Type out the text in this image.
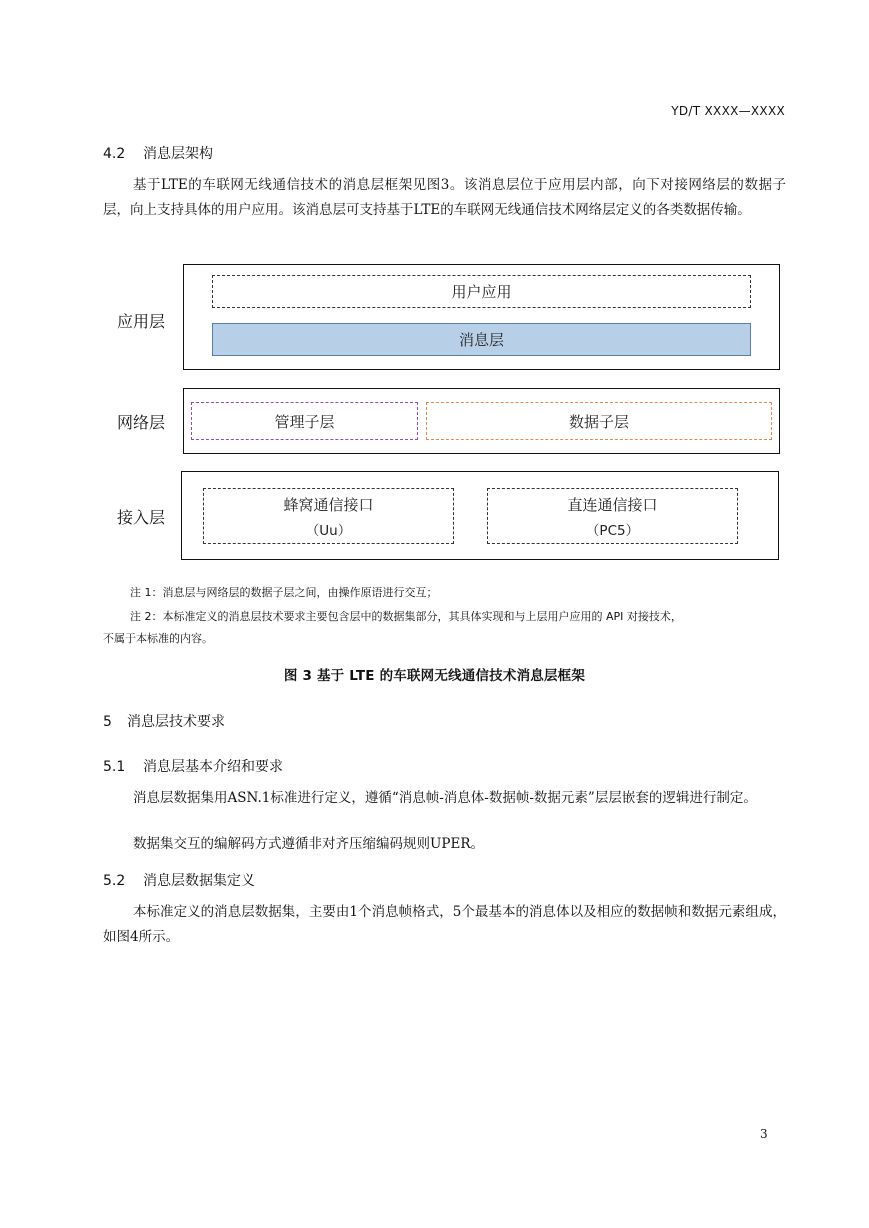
YD/T XXXX—XXXX
4.2 消息层架构
基于LTE的车联网无线通信技术的消息层框架见图3。该消息层位于应用层内部，向下对接网络层的数据子层，向上支持具体的用户应用。该消息层可支持基于LTE的车联网无线通信技术网络层定义的各类数据传输。
应用层
用户应用
消息层
网络层	管理子层	数据子层
接入层
蜂窝通信接口
（Uu）
直连通信接口
（PC5）
注 1：消息层与网络层的数据子层之间，由操作原语进行交互；
注 2：本标准定义的消息层技术要求主要包含层中的数据集部分，其具体实现和与上层用户应用的 API 对接技术，
不属于本标准的内容。
图 3 基于 LTE 的车联网无线通信技术消息层框架
5 消息层技术要求
5.1 消息层基本介绍和要求
消息层数据集用ASN.1标准进行定义，遵循“消息帧-消息体-数据帧-数据元素”层层嵌套的逻辑进行制定。
数据集交互的编解码方式遵循非对齐压缩编码规则UPER。
5.2 消息层数据集定义
本标准定义的消息层数据集，主要由1个消息帧格式，5个最基本的消息体以及相应的数据帧和数据元素组成，如图4所示。
3
